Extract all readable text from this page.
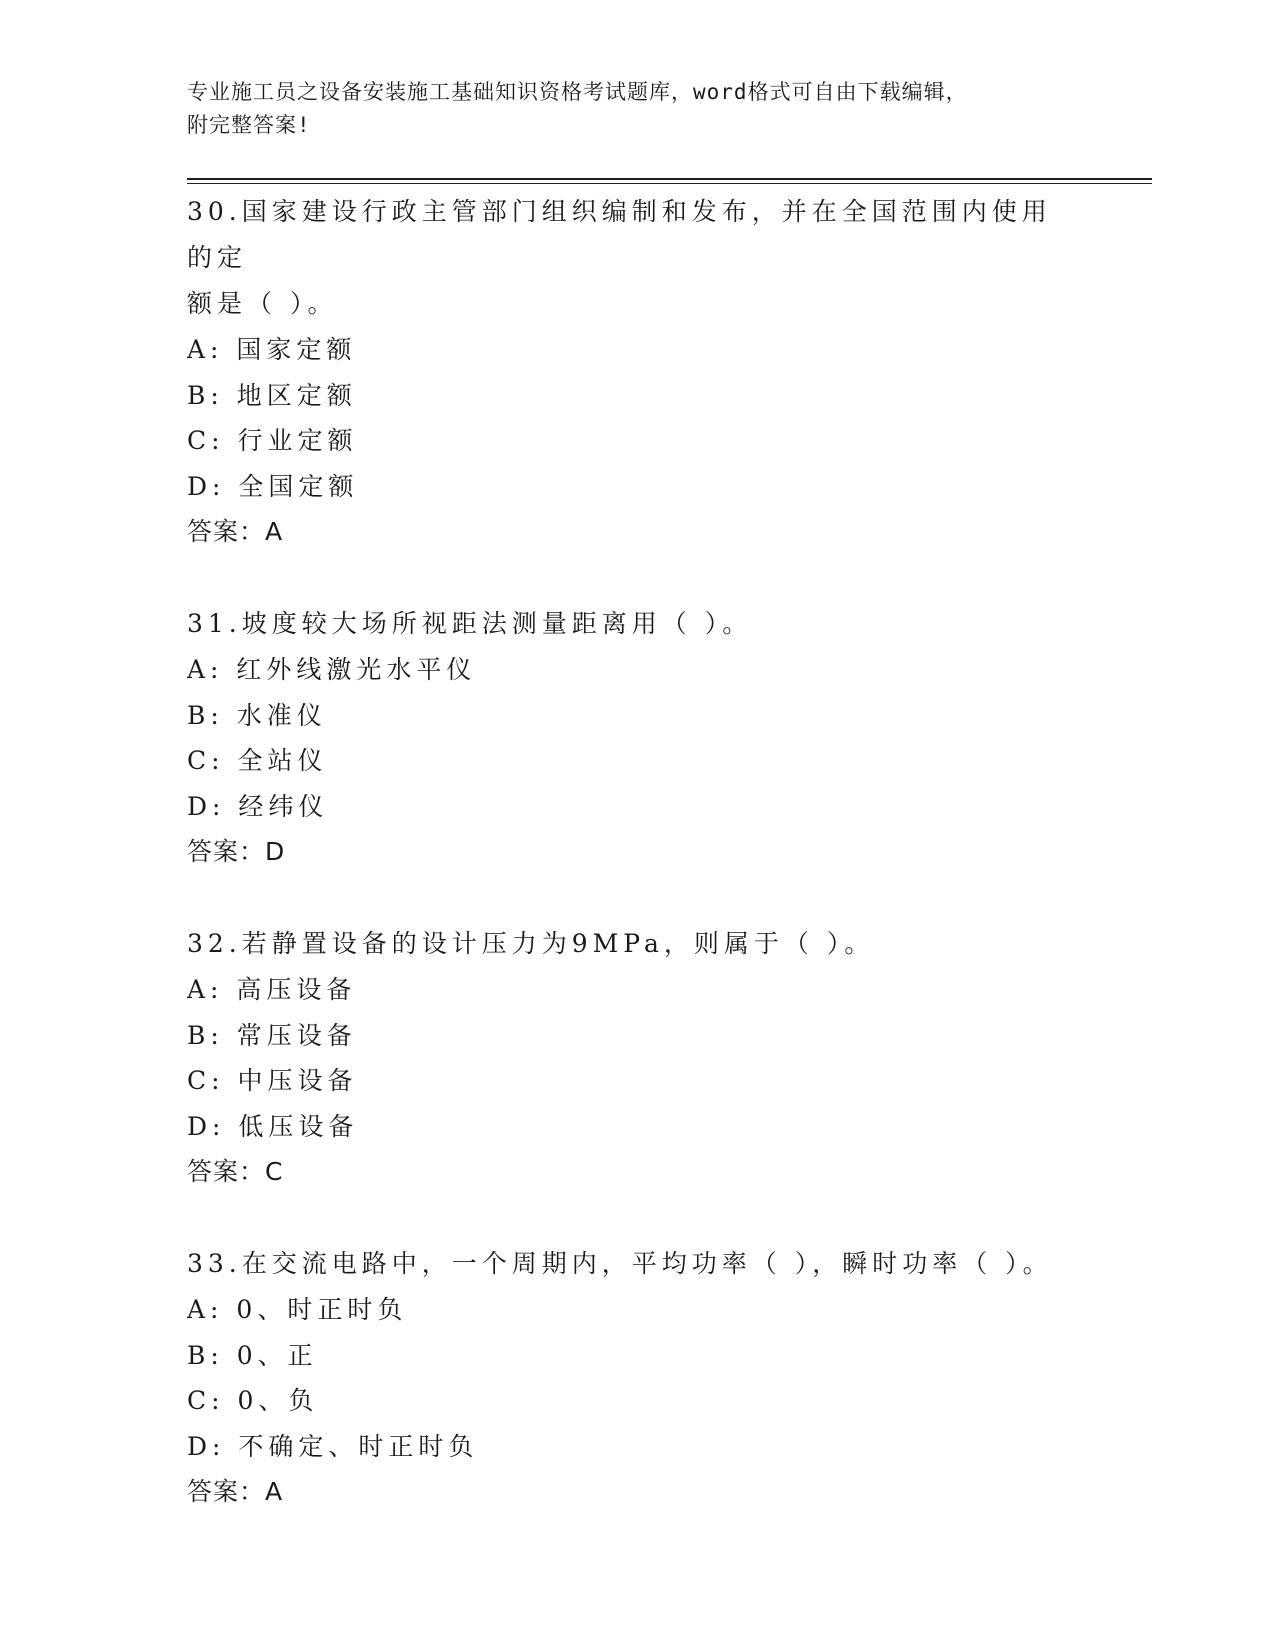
专业施工员之设备安装施工基础知识资格考试题库，word格式可自由下载编辑，
附完整答案!
30.国家建设行政主管部门组织编制和发布，并在全国范围内使用的定
额是（ ）。
A: 国家定额
B: 地区定额
C: 行业定额
D: 全国定额
答案：A
31.坡度较大场所视距法测量距离用（ ）。
A: 红外线激光水平仪
B: 水准仪
C: 全站仪
D: 经纬仪
答案：D
32.若静置设备的设计压力为9MPa，则属于（ ）。
A: 高压设备
B: 常压设备
C: 中压设备
D: 低压设备
答案：C
33.在交流电路中，一个周期内，平均功率（ ），瞬时功率（ ）。
A: 0、时正时负
B: 0、正
C: 0、负
D: 不确定、时正时负
答案：A
